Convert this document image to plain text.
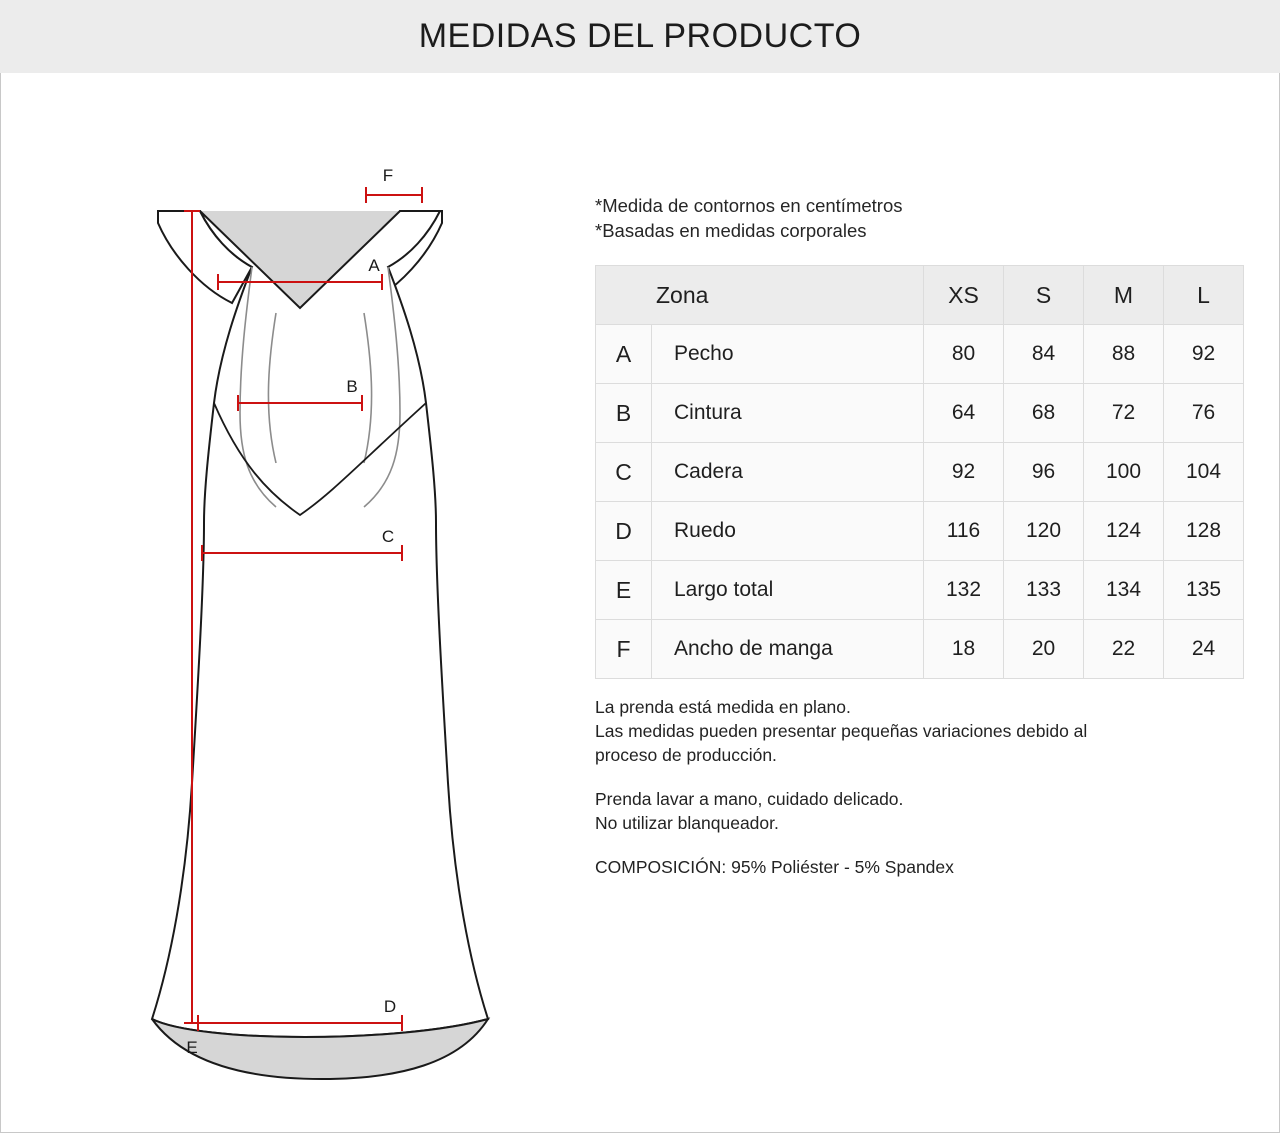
MEDIDAS DEL PRODUCTO
F
A
B
C
D
E
*Medida de contornos en centímetros
*Basadas en medidas corporales
Zona		XS	S	M	L
A	Pecho	80	84	88	92
B	Cintura	64	68	72	76
C	Cadera	92	96	100	104
D	Ruedo	116	120	124	128
E	Largo total	132	133	134	135
F	Ancho de manga	18	20	22	24

La prenda está medida en plano.

Las medidas pueden presentar pequeñas variaciones debido al

proceso de producción.

Prenda lavar a mano, cuidado delicado.

No utilizar blanqueador.

COMPOSICIÓN: 95% Poliéster - 5% Spandex
